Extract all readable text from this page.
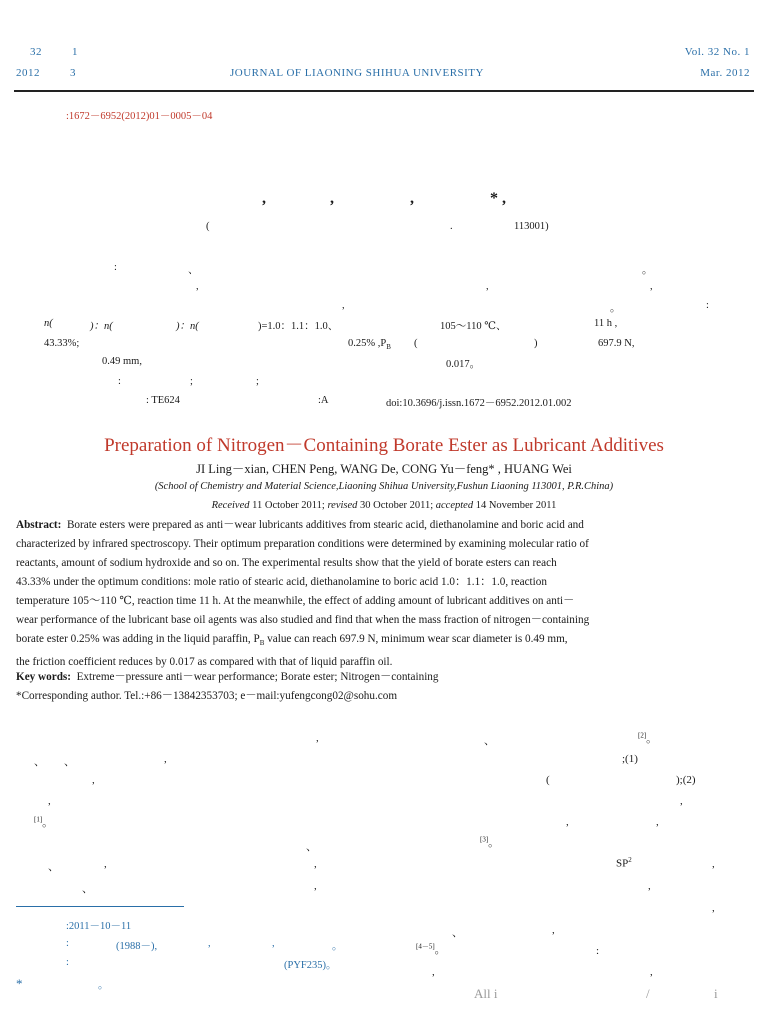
32	1
2012	3	JOURNAL OF LIAONING SHIHUA UNIVERSITY
Vol. 32 No. 1
Mar. 2012
:1672－6952(2012)01－0005－04
,	,	,	* ,
(	.	113001)
:	、	。
,	,	,
,	。	:
n(	)：n(	)：n(	)=1.0：1.1：1.0、	105～110 ℃、	11 h ,
43.33%;	0.25% $,P_B$ (	)	697.9 N,
0.49 mm,	0.017。
:	;	;
: TE624	:A	doi:10.3696/j.issn.1672－6952.2012.01.002
Preparation of Nitrogen－Containing Borate Ester as Lubricant Additives
JI Ling－xian, CHEN Peng, WANG De, CONG Yu－feng* , HUANG Wei
(School of Chemistry and Material Science,Liaoning Shihua University,Fushun Liaoning 113001, P.R.China)
Received 11 October 2011; revised 30 October 2011; accepted 14 November 2011
Abstract: Borate esters were prepared as anti－wear lubricants additives from stearic acid, diethanolamine and boric acid and
characterized by infrared spectroscopy. Their optimum preparation conditions were determined by examining molecular ratio of
reactants, amount of sodium hydroxide and so on. The experimental results show that the yield of borate esters can reach
43.33% under the optimum conditions: mole ratio of stearic acid, diethanolamine to boric acid 1.0：1.1：1.0, reaction
temperature 105～110 ℃, reaction time 11 h. At the meanwhile, the effect of adding amount of lubricant additives on anti－
wear performance of the lubricant base oil agents was also studied and find that when the mass fraction of nitrogen－containing
borate ester 0.25% was adding in the liquid paraffin, $P_B$ value can reach 697.9 N, minimum wear scar diameter is 0.49 mm,
the friction coefficient reduces by 0.017 as compared with that of liquid paraffin oil.
Key words: Extreme－pressure anti－wear performance; Borate ester; Nitrogen－containing
*Corresponding author. Tel.:+86－13842353703; e－mail:yufengcong02@sohu.com
,	、	[2]。
、 、	,	;(1)
,	(	);(2)
,	,
[1]。	,	,
、
[3]。
、	,	,	$SP^2$	,
、	,	,
,
、	,
[4－5]。	:
,	,
:2011－10－11
:	(1988－),	,	,	。
:	(PYF235)。
*	。
All i	/	i
